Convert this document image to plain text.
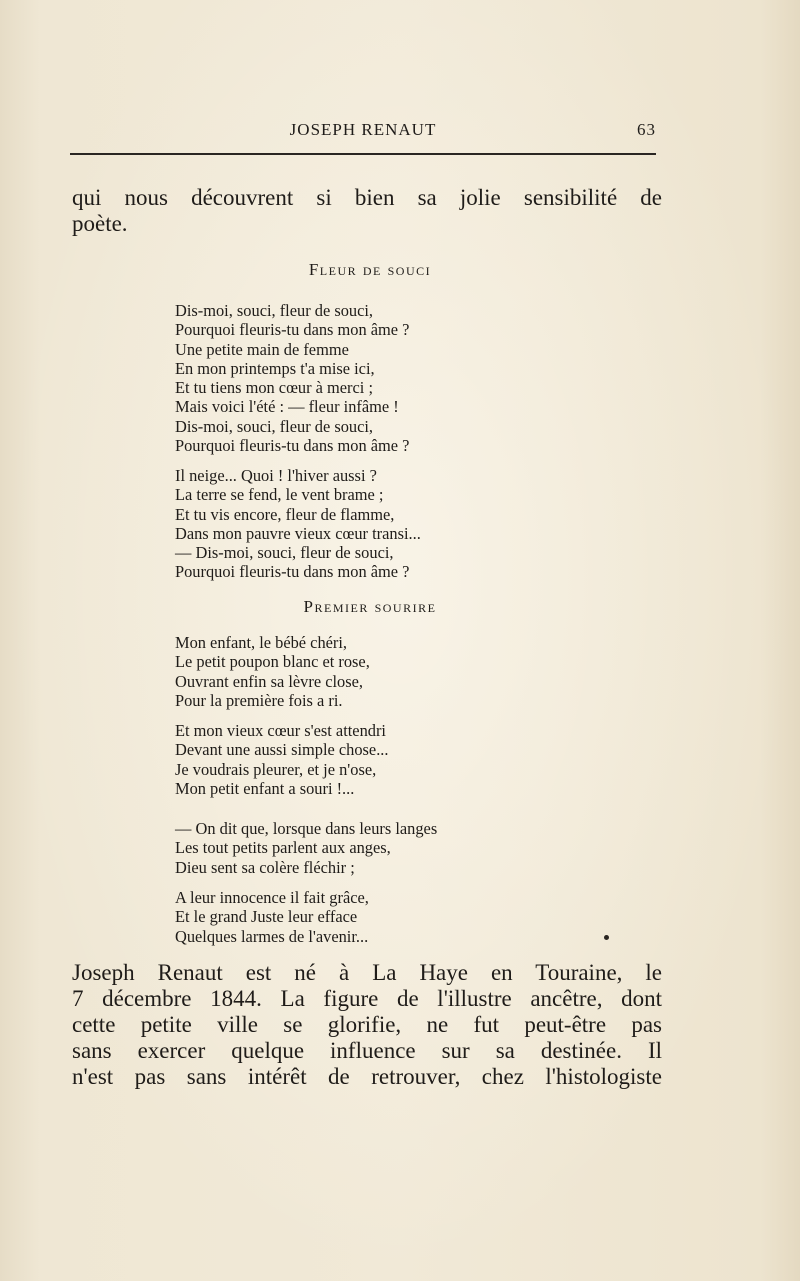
JOSEPH RENAUT	63
qui nous découvrent si bien sa jolie sensibilité de
poète.
Fleur de souci
Dis-moi, souci, fleur de souci,
Pourquoi fleuris-tu dans mon âme ?
Une petite main de femme
En mon printemps t'a mise ici,
Et tu tiens mon cœur à merci ;
Mais voici l'été : — fleur infâme !
Dis-moi, souci, fleur de souci,
Pourquoi fleuris-tu dans mon âme ?
Il neige... Quoi ! l'hiver aussi ?
La terre se fend, le vent brame ;
Et tu vis encore, fleur de flamme,
Dans mon pauvre vieux cœur transi...
— Dis-moi, souci, fleur de souci,
Pourquoi fleuris-tu dans mon âme ?
Premier sourire
Mon enfant, le bébé chéri,
Le petit poupon blanc et rose,
Ouvrant enfin sa lèvre close,
Pour la première fois a ri.
Et mon vieux cœur s'est attendri
Devant une aussi simple chose...
Je voudrais pleurer, et je n'ose,
Mon petit enfant a souri !...
— On dit que, lorsque dans leurs langes
Les tout petits parlent aux anges,
Dieu sent sa colère fléchir ;
A leur innocence il fait grâce,
Et le grand Juste leur efface
Quelques larmes de l'avenir...
Joseph Renaut est né à La Haye en Touraine, le
7 décembre 1844. La figure de l'illustre ancêtre, dont
cette petite ville se glorifie, ne fut peut-être pas
sans exercer quelque influence sur sa destinée. Il
n'est pas sans intérêt de retrouver, chez l'histologiste
